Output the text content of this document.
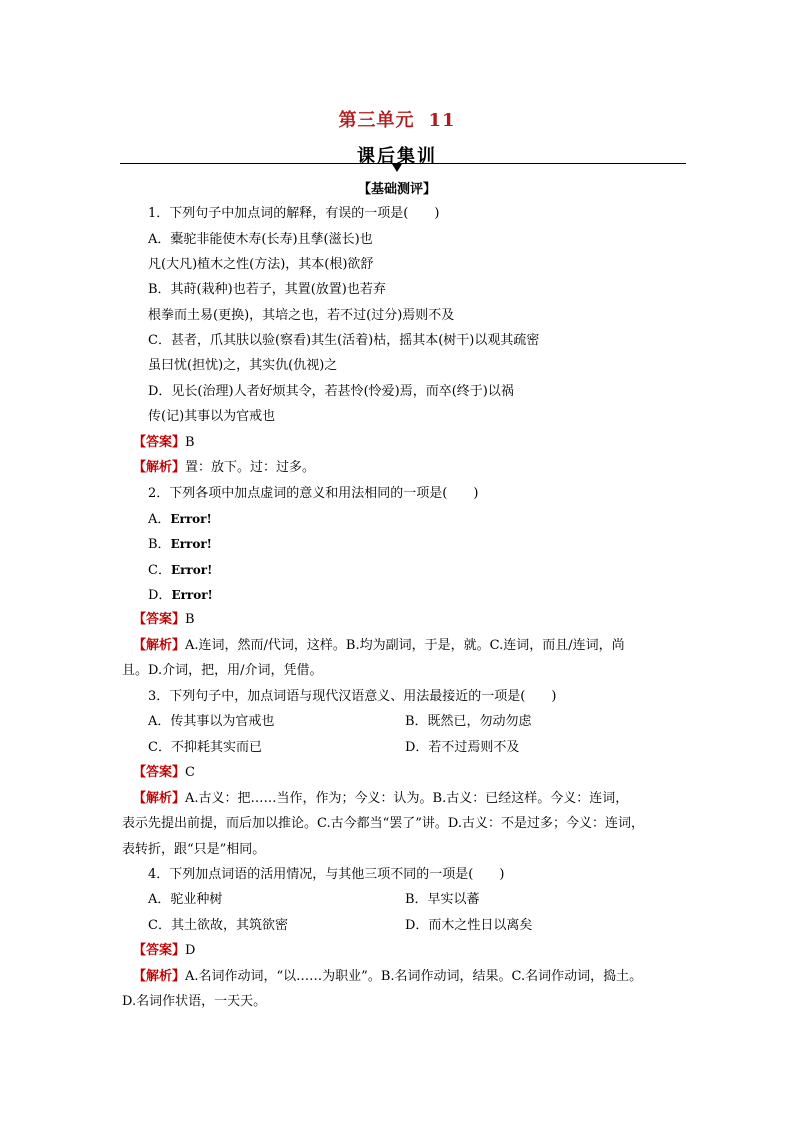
第三单元 11
课后集训
【基础测评】
1．下列句子中加点词的解释，有误的一项是(　　)
A．橐驼非能使木寿(长寿)且孳(滋长)也
凡(大凡)植木之性(方法)，其本(根)欲舒
B．其莳(栽种)也若子，其置(放置)也若弃
根拳而土易(更换)，其培之也，若不过(过分)焉则不及
C．甚者，爪其肤以验(察看)其生(活着)枯，摇其本(树干)以观其疏密
虽曰忧(担忧)之，其实仇(仇视)之
D．见长(治理)人者好烦其令，若甚怜(怜爱)焉，而卒(终于)以祸
传(记)其事以为官戒也
【答案】B
【解析】置：放下。过：过多。
2．下列各项中加点虚词的意义和用法相同的一项是(　　)
A．Error!
B．Error!
C．Error!
D．Error!
【答案】B
【解析】A.连词，然而/代词，这样。B.均为副词，于是，就。C.连词，而且/连词，尚
且。D.介词，把，用/介词，凭借。
3．下列句子中，加点词语与现代汉语意义、用法最接近的一项是(　　)
A．传其事以为官戒也	B．既然已，勿动勿虑
C．不抑耗其实而已	D．若不过焉则不及
【答案】C
【解析】A.古义：把……当作，作为；今义：认为。B.古义：已经这样。今义：连词，
表示先提出前提，而后加以推论。C.古今都当“罢了”讲。D.古义：不是过多；今义：连词，
表转折，跟“只是”相同。
4．下列加点词语的活用情况，与其他三项不同的一项是(　　)
A．驼业种树	B．早实以蕃
C．其土欲故，其筑欲密	D．而木之性日以离矣
【答案】D
【解析】A.名词作动词，“以……为职业”。B.名词作动词，结果。C.名词作动词，捣土。
D.名词作状语，一天天。
